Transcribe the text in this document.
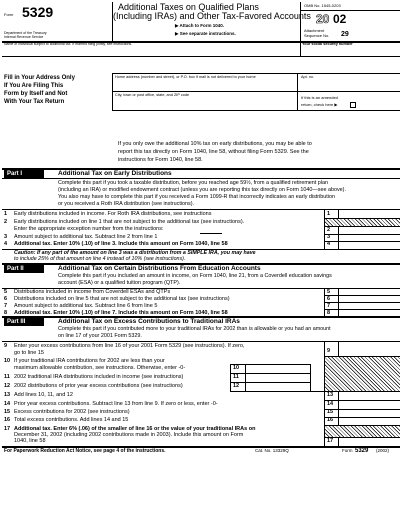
Form 5329
Department of the Treasury
Internal Revenue Service
Additional Taxes on Qualified Plans
(Including IRAs) and Other Tax-Favored Accounts
▶ Attach to Form 1040.
▶ See separate instructions.
OMB No. 1545-0203
20 02
Attachment
Sequence No. 29
Name of individual subject to additional tax. If married filing jointly, see instructions.	Your social security number
Fill in Your Address Only
If You Are Filing This
Form by Itself and Not
With Your Tax Return
Home address (number and street), or P.O. box if mail is not delivered to your home	Apt. no.
City, town or post office, state, and ZIP code	If this is an amended
return, check here ▶
If you only owe the additional 10% tax on early distributions, you may be able to
report this tax directly on Form 1040, line 58, without filing Form 5329. See the
instructions for Form 1040, line 58.
Part I	Additional Tax on Early Distributions
Complete this part if you took a taxable distribution, before you reached age 59½, from a qualified retirement plan
(including an IRA) or modified endowment contract (unless you are reporting this tax directly on Form 1040—see above).
You also may have to complete this part if you received a Form 1099-R that incorrectly indicates an early distribution
or you received a Roth IRA distribution (see instructions).
1 Early distributions included in income. For Roth IRA distributions, see instructions	1
2 Early distributions included on line 1 that are not subject to the additional tax (see instructions).
Enter the appropriate exception number from the instructions:	2
3 Amount subject to additional tax. Subtract line 2 from line 1	3
4 Additional tax. Enter 10% (.10) of line 3. Include this amount on Form 1040, line 58	4
Caution: If any part of the amount on line 3 was a distribution from a SIMPLE IRA, you may have
to include 25% of that amount on line 4 instead of 10% (see instructions).
Part II	Additional Tax on Certain Distributions From Education Accounts
Complete this part if you included an amount in income, on Form 1040, line 21, from a Coverdell education savings
account (ESA) or a qualified tuition program (QTP).
5 Distributions included in income from Coverdell ESAs and QTPs	5
6 Distributions included on line 5 that are not subject to the additional tax (see instructions)	6
7 Amount subject to additional tax. Subtract line 6 from line 5	7
8 Additional tax. Enter 10% (.10) of line 7. Include this amount on Form 1040, line 58	8
Part III	Additional Tax on Excess Contributions to Traditional IRAs
Complete this part if you contributed more to your traditional IRAs for 2002 than is allowable or you had an amount
on line 17 of your 2001 Form 5329.
9 Enter your excess contributions from line 16 of your 2001 Form 5329 (see instructions). If zero,
go to line 15	9
10 If your traditional IRA contributions for 2002 are less than your
maximum allowable contribution, see instructions. Otherwise, enter -0-	10
11 2002 traditional IRA distributions included in income (see instructions)	11
12 2002 distributions of prior year excess contributions (see instructions)	12
13 Add lines 10, 11, and 12	13
14 Prior year excess contributions. Subtract line 13 from line 9. If zero or less, enter -0-	14
15 Excess contributions for 2002 (see instructions)	15
16 Total excess contributions. Add lines 14 and 15	16
17 Additional tax. Enter 6% (.06) of the smaller of line 16 or the value of your traditional IRAs on
December 31, 2002 (including 2002 contributions made in 2003). Include this amount on Form
1040, line 58	17
For Paperwork Reduction Act Notice, see page 4 of the instructions.	Cat. No. 13329Q	Form 5329 (2002)
